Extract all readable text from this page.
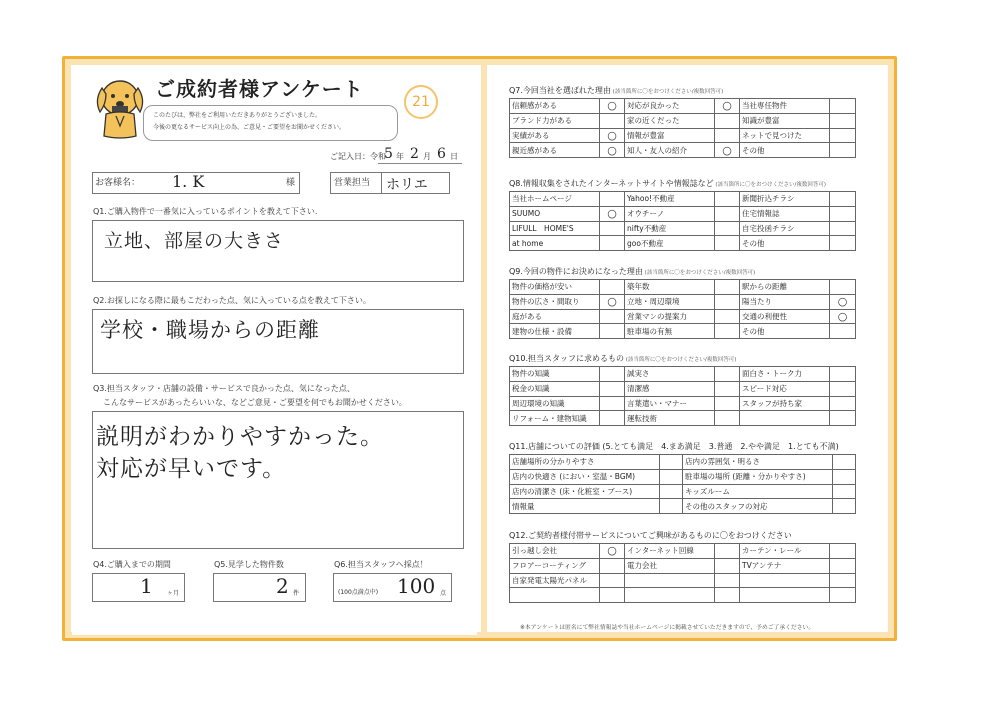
ご成約者様アンケート
このたびは、弊社をご利用いただきありがとうございました。
今後の更なるサービス向上の為、ご意見・ご要望をお聞かせください。
21
ご記入日：令和
5 年 2 月 6 日
お客様名： 1. K	様	営業担当 ホリエ
Q1.ご購入物件で一番気に入っているポイントを教えて下さい.
立地、部屋の大きさ
Q2.お探しになる際に最もこだわった点、気に入っている点を教えて下さい。
学校・職場からの距離
Q3.担当スタッフ・店舗の設備・サービスで良かった点、気になった点、
こんなサービスがあったらいいな、などご意見・ご要望を何でもお聞かせください。
説明がわかりやすかった。
対応が早いです。
Q4.ご購入までの期間
1 ヶ月
Q5.見学した物件数
2 件
Q6.担当スタッフへ採点！
(100点満点中) 100 点
Q7.今回当社を選ばれた理由 (該当箇所に〇をおつけください/複数回答可)
信頼感がある	○	対応が良かった	○	当社専任物件	
ブランド力がある		家の近くだった		知識が豊富	
実績がある	○	情報が豊富		ネットで見つけた	
親近感がある	○	知人・友人の紹介	○	その他	
Q8.情報収集をされたインターネットサイトや情報誌など (該当箇所に〇をおつけください/複数回答可)
当社ホームページ		Yahoo!不動産		新聞折込チラシ	
SUUMO	○	オウチーノ		住宅情報誌	
LIFULL　HOME'S		nifty不動産		自宅投函チラシ	
at home		goo不動産		その他	
Q9.今回の物件にお決めになった理由 (該当箇所に〇をおつけください/複数回答可)
物件の価格が安い		築年数		駅からの距離	
物件の広さ・間取り	○	立地・周辺環境		陽当たり	○
庭がある		営業マンの提案力		交通の利便性	○
建物の仕様・設備		駐車場の有無		その他	
Q10.担当スタッフに求めるもの (該当箇所に〇をおつけください/複数回答可)
物件の知識		誠実さ		面白さ・トーク力	
税金の知識		清潔感		スピード対応	
周辺環境の知識		言葉遣い・マナー		スタッフが持ち家	
リフォーム・建物知識		運転技術			
Q11.店舗についての評価 (5.とても満足　4.まあ満足　3.普通　2.やや満足　1.とても不満)
店舗場所の分かりやすさ		店内の雰囲気・明るさ	
店内の快適さ (におい・室温・BGM)		駐車場の場所 (距離・分かりやすさ)	
店内の清潔さ (床・化粧室・ブース)		キッズルーム	
情報量		その他のスタッフの対応	
Q12.ご契約者様付帯サービスについてご興味があるものに〇をおつけください
引っ越し会社	○	インターネット回線		カーテン・レール	
フロアーコーティング		電力会社		TVアンテナ	
自家発電太陽光パネル					

※本アンケートは匿名にて弊社情報誌や当社ホームページに掲載させていただきますので、予めご了承ください。
